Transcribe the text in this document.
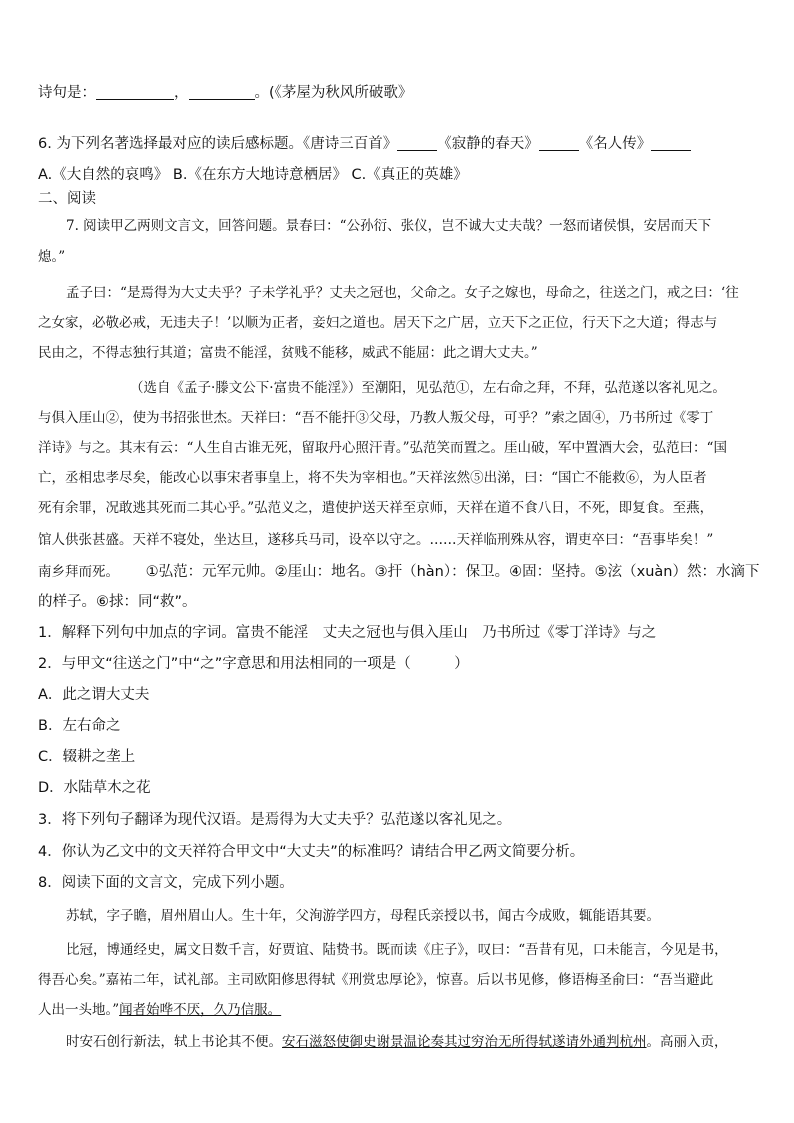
诗句是：	，	。(《茅屋为秋风所破歌》
6. 为下列名著选择最对应的读后感标题。《唐诗三百首》	《寂静的春天》	《名人传》
A.《大自然的哀鸣》 B.《在东方大地诗意栖居》 C.《真正的英雄》
二、阅读
7. 阅读甲乙两则文言文，回答问题。景春曰：“公孙衍、张仪，岂不诚大丈夫哉？一怒而诸侯惧，安居而天下
熄。”
孟子曰：“是焉得为大丈夫乎？子未学礼乎？丈夫之冠也，父命之。女子之嫁也，母命之，往送之门，戒之曰：‘往
之女家，必敬必戒，无违夫子！’以顺为正者，妾妇之道也。居天下之广居，立天下之正位，行天下之大道；得志与
民由之，不得志独行其道；富贵不能淫，贫贱不能移，威武不能屈：此之谓大丈夫。”
（选自《孟子·滕文公下·富贵不能淫》）至潮阳，见弘范①，左右命之拜，不拜，弘范遂以客礼见之。
与俱入厓山②，使为书招张世杰。天祥曰：“吾不能扞③父母，乃教人叛父母，可乎？”索之固④，乃书所过《零丁
洋诗》与之。其末有云：“人生自古谁无死，留取丹心照汗青。”弘范笑而置之。厓山破，军中置酒大会，弘范曰：“国
亡，丞相忠孝尽矣，能改心以事宋者事皇上，将不失为宰相也。”天祥泫然⑤出涕，曰：“国亡不能救⑥，为人臣者
死有余罪，况敢逃其死而二其心乎。”弘范义之，遣使护送天祥至京师，天祥在道不食八日，不死，即复食。至燕，
馆人供张甚盛。天祥不寝处，坐达旦，遂移兵马司，设卒以守之。……天祥临刑殊从容，谓吏卒曰：“吾事毕矣！”
南乡拜而死。 ①弘范：元军元帅。②厓山：地名。③扞（hàn）：保卫。④固：坚持。⑤泫（xuàn）然：水滴下
的样子。⑥捄：同“救”。
1．解释下列句中加点的字词。富贵不能淫　丈夫之冠也与俱入厓山　乃书所过《零丁洋诗》与之
2．与甲文“往送之门”中“之”字意思和用法相同的一项是（　　　）
A．此之谓大丈夫
B．左右命之
C．辍耕之垄上
D．水陆草木之花
3．将下列句子翻译为现代汉语。是焉得为大丈夫乎？弘范遂以客礼见之。
4．你认为乙文中的文天祥符合甲文中“大丈夫”的标准吗？请结合甲乙两文简要分析。
8．阅读下面的文言文，完成下列小题。
苏轼，字子瞻，眉州眉山人。生十年，父洵游学四方，母程氏亲授以书，闻古今成败，辄能语其要。
比冠，博通经史，属文日数千言，好贾谊、陆贽书。既而读《庄子》，叹曰：“吾昔有见，口未能言，今见是书，
得吾心矣。”嘉祐二年，试礼部。主司欧阳修思得轼《刑赏忠厚论》，惊喜。后以书见修，修语梅圣俞曰：“吾当避此
人出一头地。”闻者始哗不厌，久乃信服。
时安石创行新法，轼上书论其不便。安石滋怒使御史谢景温论奏其过穷治无所得轼遂请外通判杭州。高丽入贡，
